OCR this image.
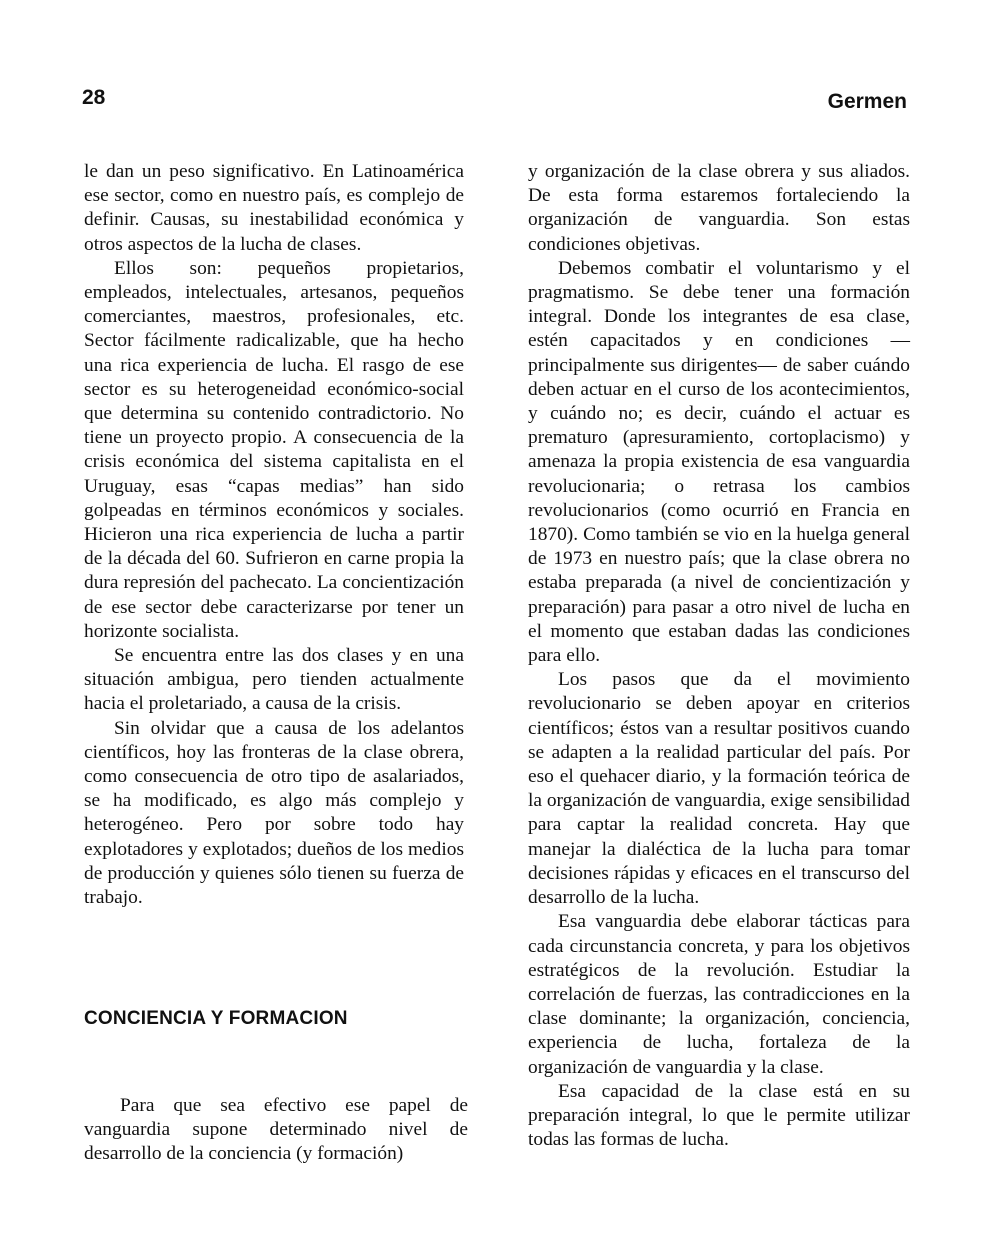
28	Germen

le dan un peso significativo. En Latinoamérica ese sector, como en nuestro país, es complejo de definir. Causas, su inestabilidad económica y otros aspectos de la lucha de clases.

Ellos son: pequeños propietarios, empleados, intelectuales, artesanos, pequeños comerciantes, maestros, profesionales, etc. Sector fácilmente radicalizable, que ha hecho una rica experiencia de lucha. El rasgo de ese sector es su heterogeneidad económico-social que determina su contenido contradictorio. No tiene un proyecto propio. A consecuencia de la crisis económica del sistema capitalista en el Uruguay, esas “capas medias” han sido golpeadas en términos económicos y sociales. Hicieron una rica experiencia de lucha a partir de la década del 60. Sufrieron en carne propia la dura represión del pachecato. La concientización de ese sector debe caracterizarse por tener un horizonte socialista.

Se encuentra entre las dos clases y en una situación ambigua, pero tienden actualmente hacia el proletariado, a causa de la crisis.

Sin olvidar que a causa de los adelantos científicos, hoy las fronteras de la clase obrera, como consecuencia de otro tipo de asalariados, se ha modificado, es algo más complejo y heterogéneo. Pero por sobre todo hay explotadores y explotados; dueños de los medios de producción y quienes sólo tienen su fuerza de trabajo.

CONCIENCIA Y FORMACION

Para que sea efectivo ese papel de vanguardia supone determinado nivel de desarrollo de la conciencia (y formación)

y organización de la clase obrera y sus aliados. De esta forma estaremos fortaleciendo la organización de vanguardia. Son estas condiciones objetivas.

Debemos combatir el voluntarismo y el pragmatismo. Se debe tener una formación integral. Donde los integrantes de esa clase, estén capacitados y en condiciones —principalmente sus dirigentes— de saber cuándo deben actuar en el curso de los acontecimientos, y cuándo no; es decir, cuándo el actuar es prematuro (apresuramiento, cortoplacismo) y amenaza la propia existencia de esa vanguardia revolucionaria; o retrasa los cambios revolucionarios (como ocurrió en Francia en 1870). Como también se vio en la huelga general de 1973 en nuestro país; que la clase obrera no estaba preparada (a nivel de concientización y preparación) para pasar a otro nivel de lucha en el momento que estaban dadas las condiciones para ello.

Los pasos que da el movimiento revolucionario se deben apoyar en criterios científicos; éstos van a resultar positivos cuando se adapten a la realidad particular del país. Por eso el quehacer diario, y la formación teórica de la organización de vanguardia, exige sensibilidad para captar la realidad concreta. Hay que manejar la dialéctica de la lucha para tomar decisiones rápidas y eficaces en el transcurso del desarrollo de la lucha.

Esa vanguardia debe elaborar tácticas para cada circunstancia concreta, y para los objetivos estratégicos de la revolución. Estudiar la correlación de fuerzas, las contradicciones en la clase dominante; la organización, conciencia, experiencia de lucha, fortaleza de la organización de vanguardia y la clase.

Esa capacidad de la clase está en su preparación integral, lo que le permite utilizar todas las formas de lucha.
